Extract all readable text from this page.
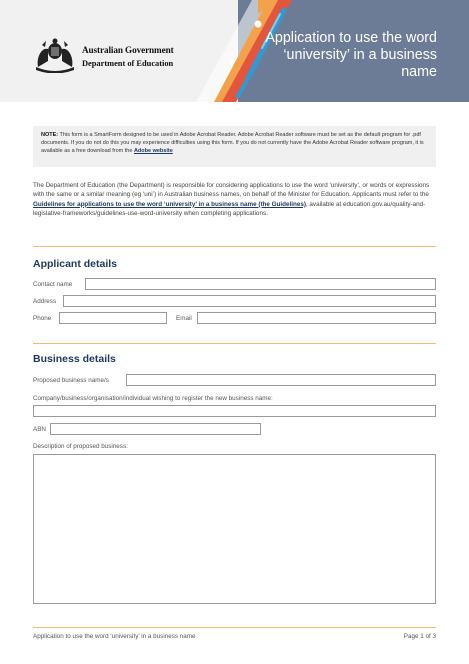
Australian Government
Department of Education
Application to use the word ‘university’ in a business name
NOTE: This form is a SmartForm designed to be used in Adobe Acrobat Reader. Adobe Acrobat Reader software must be set as the default program for .pdf documents. If you do not do this you may experience difficulties using this form. If you do not currently have the Adobe Acrobat Reader software program, it is available as a free download from the Adobe website
The Department of Education (the Department) is responsible for considering applications to use the word ‘university’, or words or expressions with the same or a similar meaning (eg ‘uni’) in Australian business names, on behalf of the Minister for Education. Applicants must refer to the Guidelines for applications to use the word ‘university’ in a business name (the Guidelines), available at education.gov.au/quality-and-legislative-frameworks/guidelines-use-word-university when completing applications.
Applicant details
Contact name
Address
Phone	Email
Business details
Proposed business name/s
Company/business/organisation/individual wishing to register the new business name:
ABN
Description of proposed business:
Application to use the word ‘university’ in a business name	Page 1 of 3
